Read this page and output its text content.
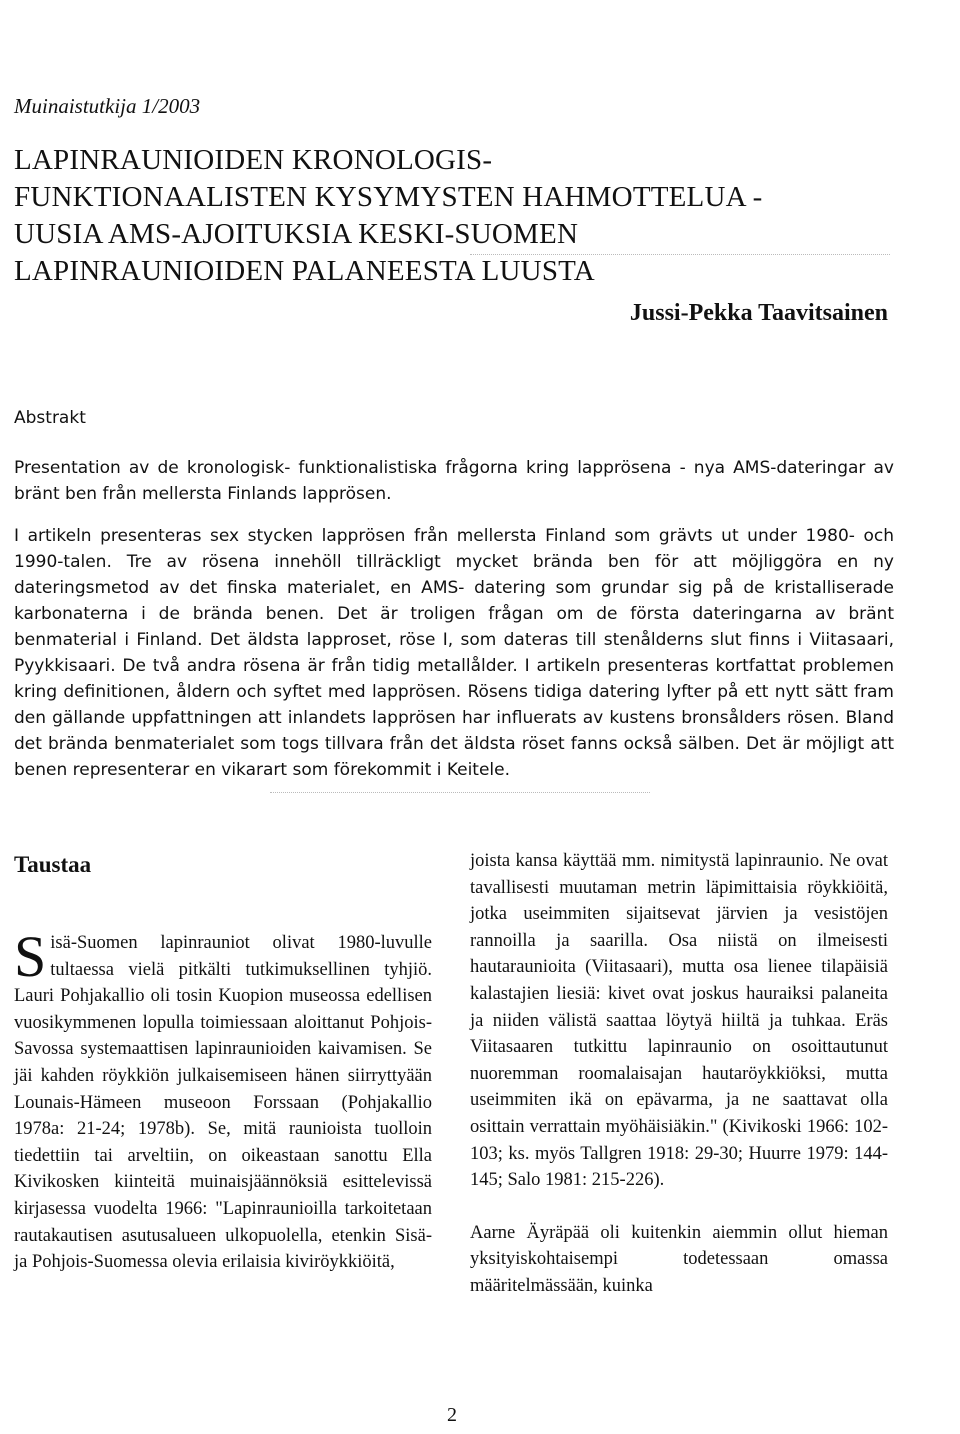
Muinaistutkija 1/2003
LAPINRAUNIOIDEN KRONOLOGIS-
FUNKTIONAALISTEN KYSYMYSTEN HAHMOTTELUA -
UUSIA AMS-AJOITUKSIA KESKI-SUOMEN
LAPINRAUNIOIDEN PALANEESTA LUUSTA
Jussi-Pekka Taavitsainen
Abstrakt
Presentation av de kronologisk- funktionalistiska frågorna kring lapprösena - nya AMS-dateringar av bränt ben från mellersta Finlands lapprösen.
I artikeln presenteras sex stycken lapprösen från mellersta Finland som grävts ut under 1980- och 1990-talen. Tre av rösena innehöll tillräckligt mycket brända ben för att möjliggöra en ny dateringsmetod av det finska materialet, en AMS- datering som grundar sig på de kristalliserade karbonaterna i de brända benen. Det är troligen frågan om de första dateringarna av bränt benmaterial i Finland. Det äldsta lapproset, röse I, som dateras till stenålderns slut finns i Viitasaari, Pyykkisaari. De två andra rösena är från tidig metallålder. I artikeln presenteras kortfattat problemen kring definitionen, åldern och syftet med lapprösen. Rösens tidiga datering lyfter på ett nytt sätt fram den gällande uppfattningen att inlandets lapprösen har influerats av kustens bronsålders rösen. Bland det brända benmaterialet som togs tillvara från det äldsta röset fanns också sälben. Det är möjligt att benen representerar en vikarart som förekommit i Keitele.
Taustaa
S isä-Suomen lapinrauniot olivat 1980-luvulle tultaessa vielä pitkälti tutkimuksellinen tyhjiö. Lauri Pohjakallio oli tosin Kuopion museossa edellisen vuosikymmenen lopulla toimiessaan aloittanut Pohjois-Savossa systemaattisen lapinraunioiden kaivamisen. Se jäi kahden röykkiön julkaisemiseen hänen siirryttyään Lounais-Hämeen museoon Forssaan (Pohjakallio 1978a: 21-24; 1978b). Se, mitä raunioista tuolloin tiedettiin tai arveltiin, on oikeastaan sanottu Ella Kivikosken kiinteitä muinaisjäännöksiä esittelevissä kirjasessa vuodelta 1966: "Lapinraunioilla tarkoitetaan rautakautisen asutusalueen ulkopuolella, etenkin Sisä- ja Pohjois-Suomessa olevia erilaisia kiviröykkiöitä,

joista kansa käyttää mm. nimitystä lapinraunio. Ne ovat tavallisesti muutaman metrin läpimittaisia röykkiöitä, jotka useimmiten sijaitsevat järvien ja vesistöjen rannoilla ja saarilla. Osa niistä on ilmeisesti hautaraunioita (Viitasaari), mutta osa lienee tilapäisiä kalastajien liesiä: kivet ovat joskus hauraiksi palaneita ja niiden välistä saattaa löytyä hiiltä ja tuhkaa. Eräs Viitasaaren tutkittu lapinraunio on osoittautunut nuoremman roomalaisajan hautaröykkiöksi, mutta useimmiten ikä on epävarma, ja ne saattavat olla osittain verrattain myöhäisiäkin." (Kivikoski 1966: 102-103; ks. myös Tallgren 1918: 29-30; Huurre 1979: 144-145; Salo 1981: 215-226).

Aarne Äyräpää oli kuitenkin aiemmin ollut hieman yksityiskohtaisempi todetessaan omassa määritelmässään, kuinka

2
